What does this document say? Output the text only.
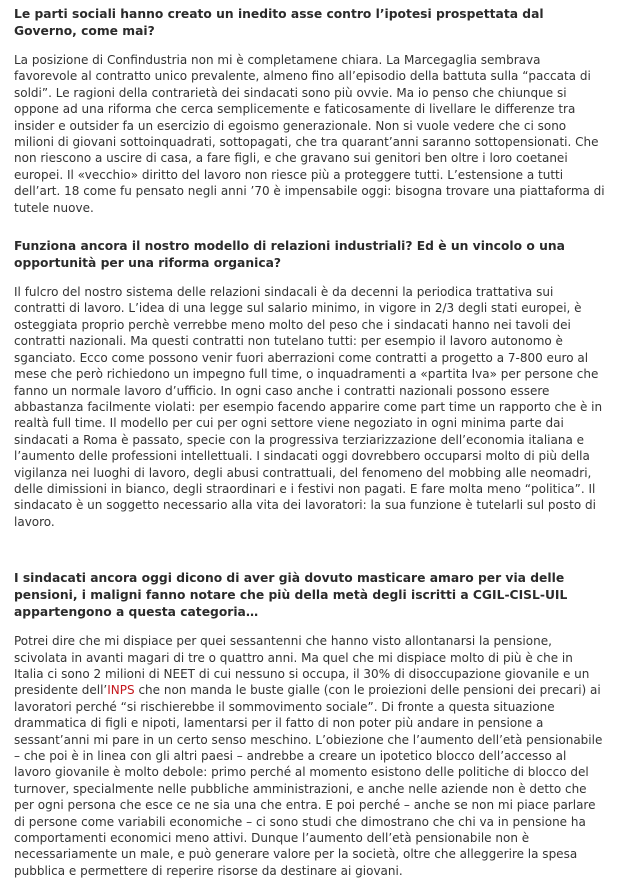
Le parti sociali hanno creato un inedito asse contro l’ipotesi prospettata dal Governo, come mai?

La posizione di Confindustria non mi è completamene chiara. La Marcegaglia sembrava favorevole al contratto unico prevalente, almeno fino all’episodio della battuta sulla “paccata di soldi”. Le ragioni della contrarietà dei sindacati sono più ovvie. Ma io penso che chiunque si oppone ad una riforma che cerca semplicemente e faticosamente di livellare le differenze tra insider e outsider fa un esercizio di egoismo generazionale. Non si vuole vedere che ci sono milioni di giovani sottoinquadrati, sottopagati, che tra quarant’anni saranno sottopensionati. Che non riescono a uscire di casa, a fare figli, e che gravano sui genitori ben oltre i loro coetanei europei. Il «vecchio» diritto del lavoro non riesce più a proteggere tutti. L’estensione a tutti dell’art. 18 come fu pensato negli anni ’70 è impensabile oggi: bisogna trovare una piattaforma di tutele nuove.

Funziona ancora il nostro modello di relazioni industriali? Ed è un vincolo o una opportunità per una riforma organica?

Il fulcro del nostro sistema delle relazioni sindacali è da decenni la periodica trattativa sui contratti di lavoro. L’idea di una legge sul salario minimo, in vigore in 2/3 degli stati europei, è osteggiata proprio perchè verrebbe meno molto del peso che i sindacati hanno nei tavoli dei contratti nazionali. Ma questi contratti non tutelano tutti: per esempio il lavoro autonomo è sganciato. Ecco come possono venir fuori aberrazioni come contratti a progetto a 7-800 euro al mese che però richiedono un impegno full time, o inquadramenti a «partita Iva» per persone che fanno un normale lavoro d’ufficio. In ogni caso anche i contratti nazionali possono essere abbastanza facilmente violati: per esempio facendo apparire come part time un rapporto che è in realtà full time. Il modello per cui per ogni settore viene negoziato in ogni minima parte dai sindacati a Roma è passato, specie con la progressiva terziarizzazione dell’economia italiana e l’aumento delle professioni intellettuali. I sindacati oggi dovrebbero occuparsi molto di più della vigilanza nei luoghi di lavoro, degli abusi contrattuali, del fenomeno del mobbing alle neomadri, delle dimissioni in bianco, degli straordinari e i festivi non pagati. E fare molta meno “politica”. Il sindacato è un soggetto necessario alla vita dei lavoratori: la sua funzione è tutelarli sul posto di lavoro.

I sindacati ancora oggi dicono di aver già dovuto masticare amaro per via delle pensioni, i maligni fanno notare che più della metà degli iscritti a CGIL-CISL-UIL appartengono a questa categoria…

Potrei dire che mi dispiace per quei sessantenni che hanno visto allontanarsi la pensione, scivolata in avanti magari di tre o quattro anni. Ma quel che mi dispiace molto di più è che in Italia ci sono 2 milioni di NEET di cui nessuno si occupa, il 30% di disoccupazione giovanile e un presidente dell’INPS che non manda le buste gialle (con le proiezioni delle pensioni dei precari) ai lavoratori perché “si rischierebbe il sommovimento sociale”. Di fronte a questa situazione drammatica di figli e nipoti, lamentarsi per il fatto di non poter più andare in pensione a sessant’anni mi pare in un certo senso meschino. L’obiezione che l’aumento dell’età pensionabile – che poi è in linea con gli altri paesi – andrebbe a creare un ipotetico blocco dell’accesso al lavoro giovanile è molto debole: primo perché al momento esistono delle politiche di blocco del turnover, specialmente nelle pubbliche amministrazioni, e anche nelle aziende non è detto che per ogni persona che esce ce ne sia una che entra. E poi perché – anche se non mi piace parlare di persone come variabili economiche – ci sono studi che dimostrano che chi va in pensione ha comportamenti economici meno attivi. Dunque l’aumento dell’età pensionabile non è necessariamente un male, e può generare valore per la società, oltre che alleggerire la spesa pubblica e permettere di reperire risorse da destinare ai giovani.
